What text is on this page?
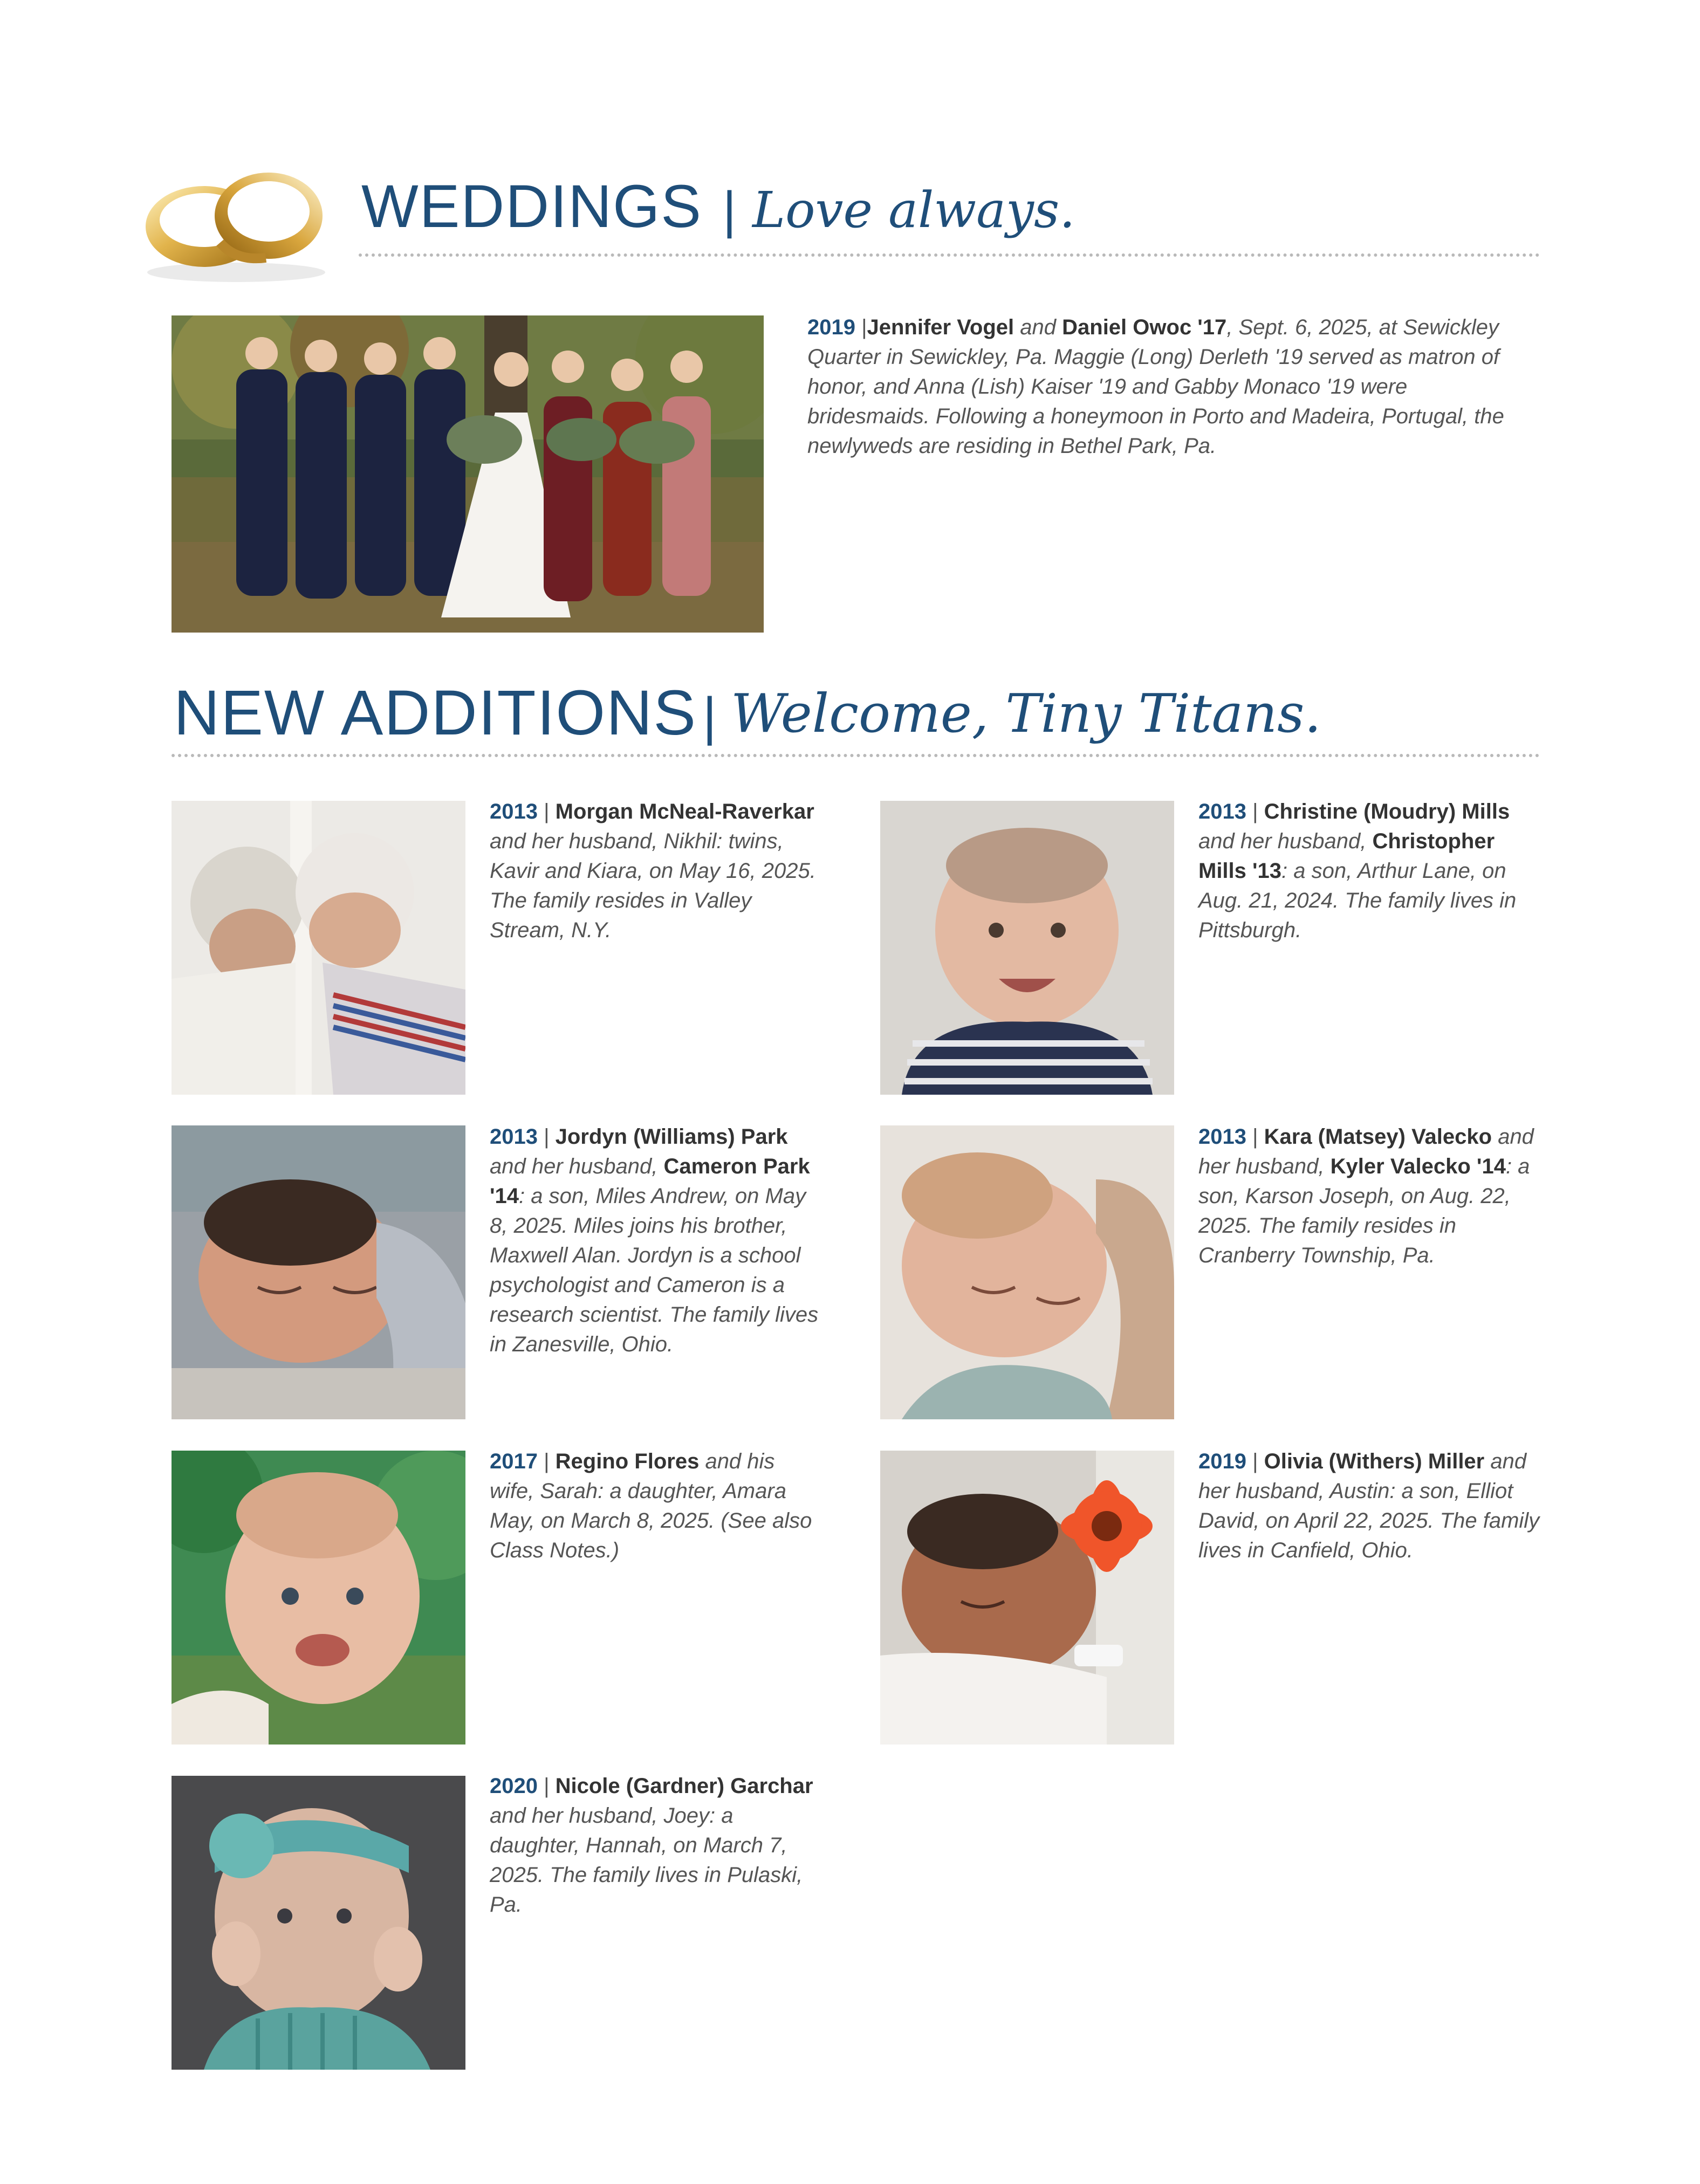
WEDDINGS | Love always.
2019 |Jennifer Vogel and Daniel Owoc '17, Sept. 6, 2025, at Sewickley Quarter in Sewickley, Pa. Maggie (Long) Derleth '19 served as matron of honor, and Anna (Lish) Kaiser '19 and Gabby Monaco '19 were bridesmaids. Following a honeymoon in Porto and Madeira, Portugal, the newlyweds are residing in Bethel Park, Pa.
NEW ADDITIONS | Welcome, Tiny Titans.
2013 | Morgan McNeal-Raverkar and her husband, Nikhil: twins, Kavir and Kiara, on May 16, 2025. The family resides in Valley Stream, N.Y.
2013 | Christine (Moudry) Mills and her husband, Christopher Mills '13: a son, Arthur Lane, on Aug. 21, 2024. The family lives in Pittsburgh.
2013 | Jordyn (Williams) Park and her husband, Cameron Park '14: a son, Miles Andrew, on May 8, 2025. Miles joins his brother, Maxwell Alan. Jordyn is a school psychologist and Cameron is a research scientist. The family lives in Zanesville, Ohio.
2013 | Kara (Matsey) Valecko and her husband, Kyler Valecko '14: a son, Karson Joseph, on Aug. 22, 2025. The family resides in Cranberry Township, Pa.
2017 | Regino Flores and his wife, Sarah: a daughter, Amara May, on March 8, 2025. (See also Class Notes.)
2019 | Olivia (Withers) Miller and her husband, Austin: a son, Elliot David, on April 22, 2025. The family lives in Canfield, Ohio.
2020 | Nicole (Gardner) Garchar and her husband, Joey: a daughter, Hannah, on March 7, 2025. The family lives in Pulaski, Pa.
